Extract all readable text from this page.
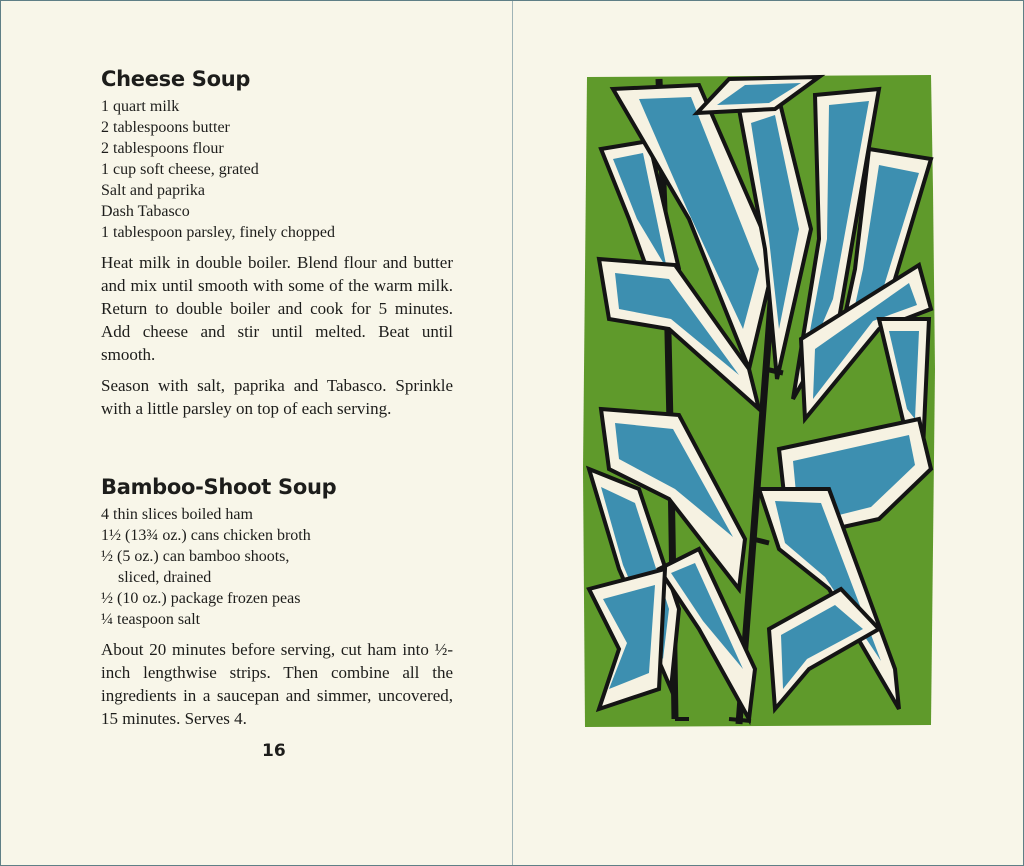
Cheese Soup
1 quart milk
2 tablespoons butter
2 tablespoons flour
1 cup soft cheese, grated
Salt and paprika
Dash Tabasco
1 tablespoon parsley, finely chopped

Heat milk in double boiler. Blend flour and butter and mix until smooth with some of the warm milk. Return to double boiler and cook for 5 minutes. Add cheese and stir until melted. Beat until smooth.

Season with salt, paprika and Tabasco. Sprinkle with a little parsley on top of each serving.

Bamboo-Shoot Soup
4 thin slices boiled ham
1½ (13¾ oz.) cans chicken broth
½ (5 oz.) can bamboo shoots,
sliced, drained
½ (10 oz.) package frozen peas
¼ teaspoon salt

About 20 minutes before serving, cut ham into ½-inch lengthwise strips. Then combine all the ingredients in a saucepan and simmer, uncovered, 15 minutes. Serves 4.

16
